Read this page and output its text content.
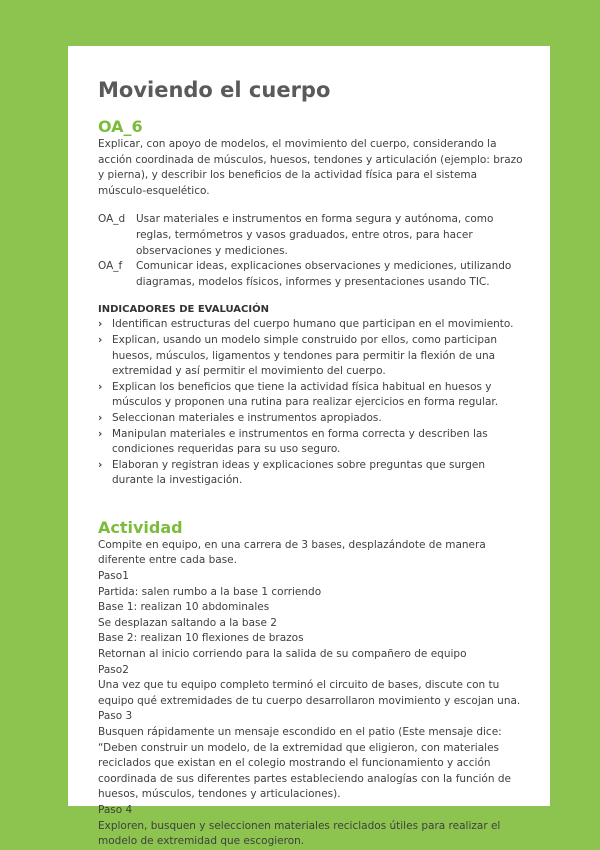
Moviendo el cuerpo
OA_6

Explicar, con apoyo de modelos, el movimiento del cuerpo, considerando la acción coordinada de músculos, huesos, tendones y articulación (ejemplo: brazo y pierna), y describir los beneficios de la actividad física para el sistema músculo-esquelético.

OA_d	Usar materiales e instrumentos en forma segura y autónoma, como reglas, termómetros y vasos graduados, entre otros, para hacer observaciones y mediciones.
OA_f	Comunicar ideas, explicaciones observaciones y mediciones, utilizando diagramas, modelos físicos, informes y presentaciones usando TIC.
INDICADORES DE EVALUACIÓN
› Identifican estructuras del cuerpo humano que participan en el movimiento.
› Explican, usando un modelo simple construido por ellos, como participan huesos, músculos, ligamentos y tendones para permitir la flexión de una extremidad y así permitir el movimiento del cuerpo.
› Explican los beneficios que tiene la actividad física habitual en huesos y músculos y proponen una rutina para realizar ejercicios en forma regular.
› Seleccionan materiales e instrumentos apropiados.
› Manipulan materiales e instrumentos en forma correcta y describen las condiciones requeridas para su uso seguro.
› Elaboran y registran ideas y explicaciones sobre preguntas que surgen durante la investigación.
Actividad

Compite en equipo, en una carrera de 3 bases, desplazándote de manera diferente entre cada base.

Paso1

Partida: salen rumbo a la base 1 corriendo

Base 1: realizan 10 abdominales

Se desplazan saltando a la base 2

Base 2: realizan 10 flexiones de brazos

Retornan al inicio corriendo para la salida de su compañero de equipo

Paso2

Una vez que tu equipo completo terminó el circuito de bases, discute con tu equipo qué extremidades de tu cuerpo desarrollaron movimiento y escojan una.

Paso 3

Busquen rápidamente un mensaje escondido en el patio (Este mensaje dice: “Deben construir un modelo, de la extremidad que eligieron, con materiales reciclados que existan en el colegio mostrando el funcionamiento y acción coordinada de sus diferentes partes estableciendo analogías con la función de huesos, músculos, tendones y articulaciones).

Paso 4

Exploren, busquen y seleccionen materiales reciclados útiles para realizar el modelo de extremidad que escogieron.
